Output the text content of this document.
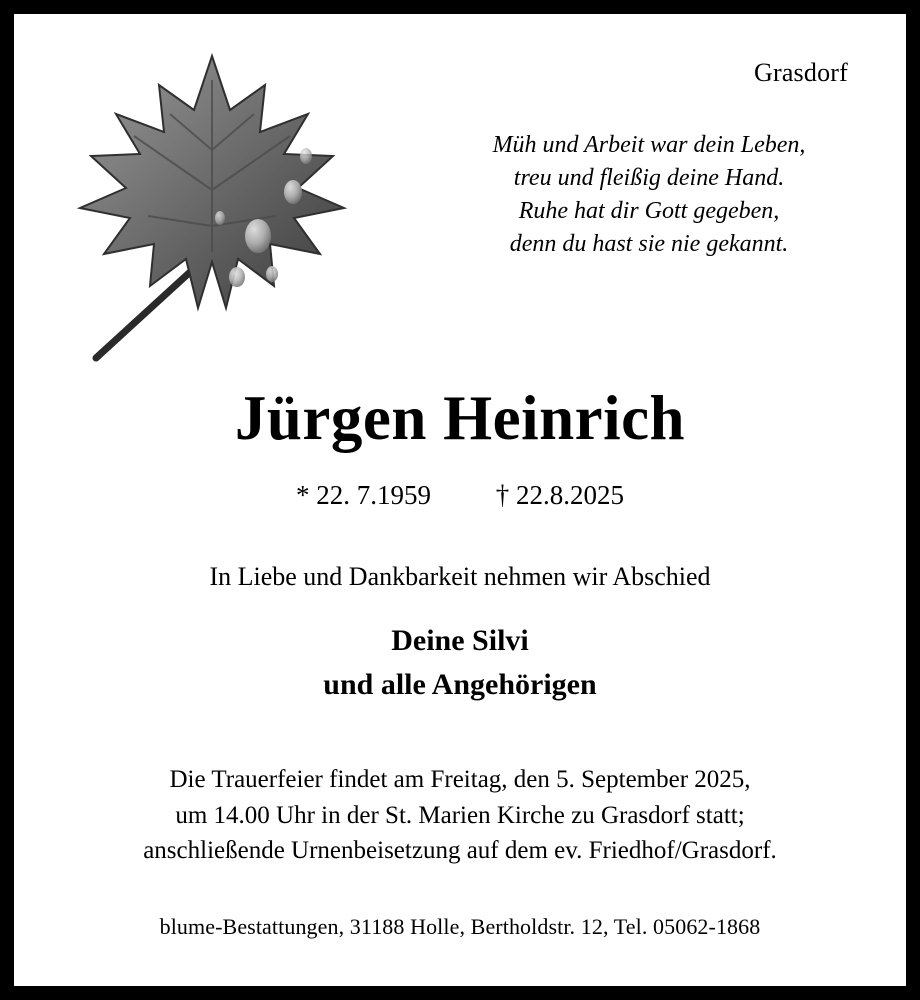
Grasdorf
Müh und Arbeit war dein Leben,
treu und fleißig deine Hand.
Ruhe hat dir Gott gegeben,
denn du hast sie nie gekannt.
Jürgen Heinrich
* 22. 7.1959 † 22.8.2025
In Liebe und Dankbarkeit nehmen wir Abschied
Deine Silvi
und alle Angehörigen
Die Trauerfeier findet am Freitag, den 5. September 2025,
um 14.00 Uhr in der St. Marien Kirche zu Grasdorf statt;
anschließende Urnenbeisetzung auf dem ev. Friedhof/Grasdorf.
blume-Bestattungen, 31188 Holle, Bertholdstr. 12, Tel. 05062-1868
